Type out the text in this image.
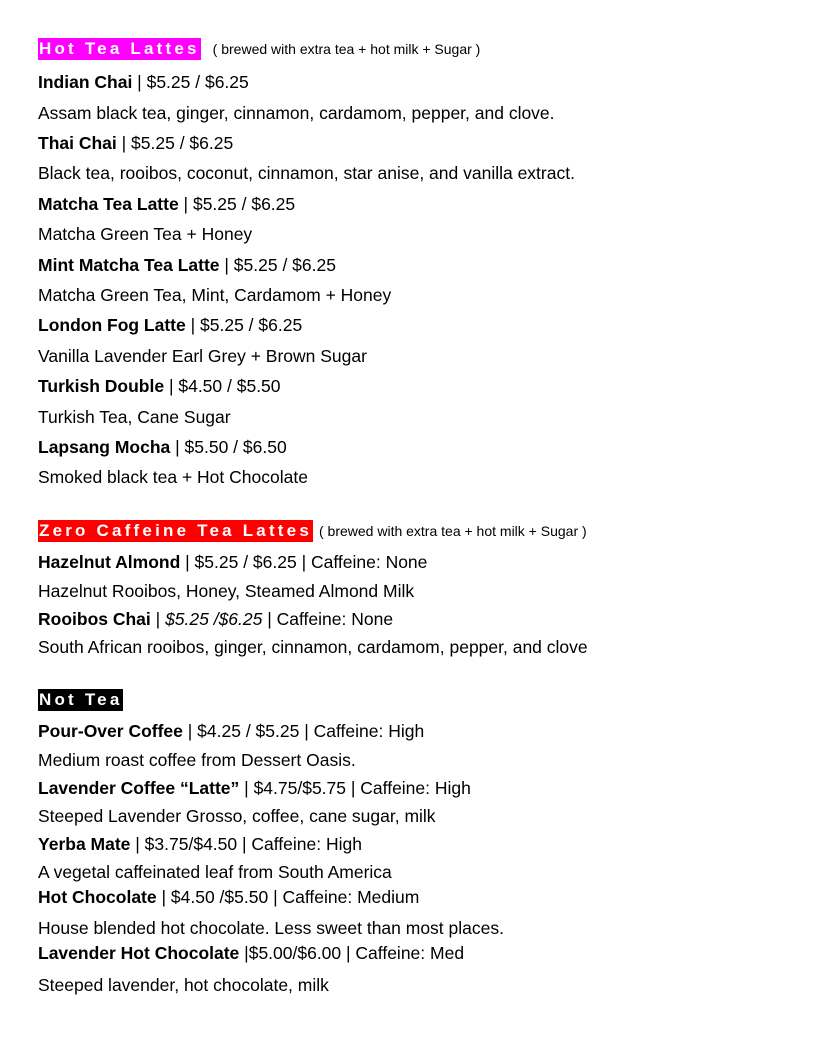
Hot Tea Lattes ( brewed with extra tea + hot milk + Sugar )
Indian Chai | $5.25 / $6.25
Assam black tea, ginger, cinnamon, cardamom, pepper, and clove.
Thai Chai | $5.25 / $6.25
Black tea, rooibos, coconut, cinnamon, star anise, and vanilla extract.
Matcha Tea Latte | $5.25 / $6.25
Matcha Green Tea + Honey
Mint Matcha Tea Latte | $5.25 / $6.25
Matcha Green Tea, Mint, Cardamom + Honey
London Fog Latte | $5.25 / $6.25
Vanilla Lavender Earl Grey + Brown Sugar
Turkish Double | $4.50 / $5.50
Turkish Tea, Cane Sugar
Lapsang Mocha | $5.50 / $6.50
Smoked black tea + Hot Chocolate
Zero Caffeine Tea Lattes ( brewed with extra tea + hot milk + Sugar )
Hazelnut Almond | $5.25 / $6.25 | Caffeine: None
Hazelnut Rooibos, Honey, Steamed Almond Milk
Rooibos Chai | $5.25 /$6.25 | Caffeine: None
South African rooibos, ginger, cinnamon, cardamom, pepper, and clove
Not Tea
Pour-Over Coffee | $4.25 / $5.25 | Caffeine: High
Medium roast coffee from Dessert Oasis.
Lavender Coffee “Latte” | $4.75/$5.75 | Caffeine: High
Steeped Lavender Grosso, coffee, cane sugar, milk
Yerba Mate | $3.75/$4.50 | Caffeine: High
A vegetal caffeinated leaf from South America
Hot Chocolate | $4.50 /$5.50 | Caffeine: Medium
House blended hot chocolate. Less sweet than most places.
Lavender Hot Chocolate |$5.00/$6.00 | Caffeine: Med
Steeped lavender, hot chocolate, milk
